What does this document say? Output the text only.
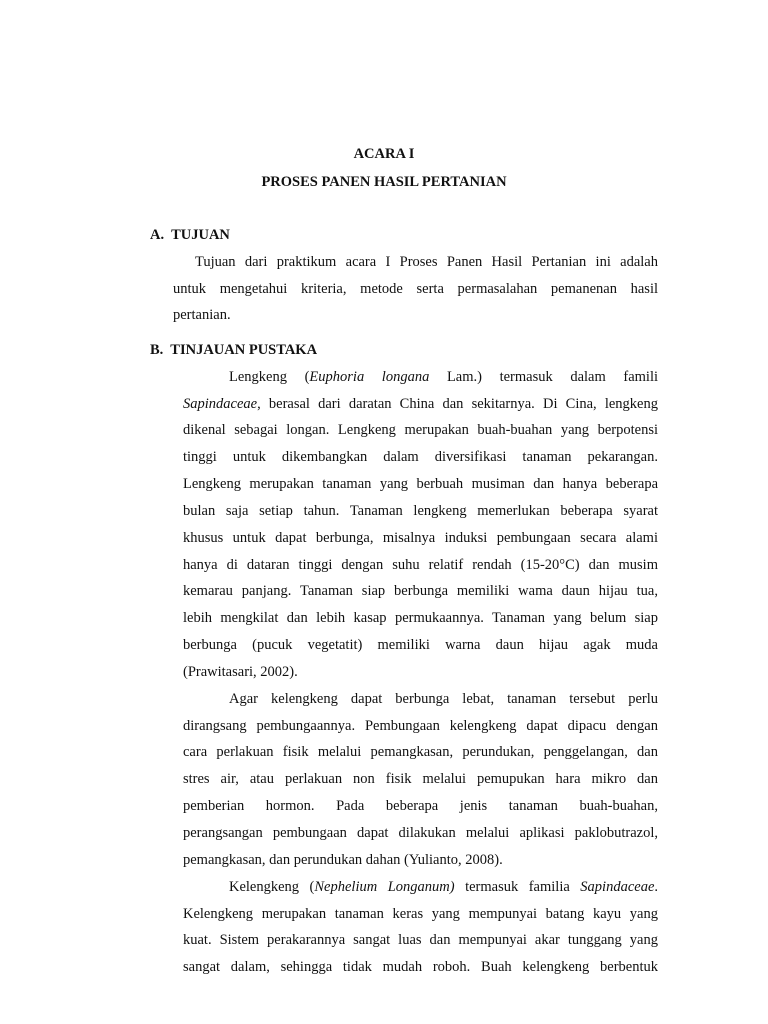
ACARA I
PROSES PANEN HASIL PERTANIAN
A.  TUJUAN
Tujuan dari praktikum acara I Proses Panen Hasil Pertanian ini adalah
untuk mengetahui kriteria, metode serta permasalahan pemanenan hasil
pertanian.
B.  TINJAUAN PUSTAKA
Lengkeng (Euphoria longana Lam.) termasuk dalam famili
Sapindaceae, berasal dari daratan China dan sekitarnya. Di Cina, lengkeng
dikenal sebagai longan. Lengkeng merupakan buah-buahan yang berpotensi
tinggi untuk dikembangkan dalam diversifikasi tanaman pekarangan.
Lengkeng merupakan tanaman yang berbuah musiman dan hanya beberapa
bulan saja setiap tahun. Tanaman lengkeng memerlukan beberapa syarat
khusus untuk dapat berbunga, misalnya induksi pembungaan secara alami
hanya di dataran tinggi dengan suhu relatif rendah (15-20°C) dan musim
kemarau panjang. Tanaman siap berbunga memiliki wama daun hijau tua,
lebih mengkilat dan lebih kasap permukaannya. Tanaman yang belum siap
berbunga (pucuk vegetatit) memiliki warna daun hijau agak muda
(Prawitasari, 2002).
Agar kelengkeng dapat berbunga lebat, tanaman tersebut perlu
dirangsang pembungaannya. Pembungaan kelengkeng dapat dipacu dengan
cara perlakuan fisik melalui pemangkasan, perundukan, penggelangan, dan
stres air, atau perlakuan non fisik melalui pemupukan hara mikro dan
pemberian hormon. Pada beberapa jenis tanaman buah-buahan,
perangsangan pembungaan dapat dilakukan melalui aplikasi paklobutrazol,
pemangkasan, dan perundukan dahan (Yulianto, 2008).
Kelengkeng (Nephelium Longanum) termasuk familia Sapindaceae.
Kelengkeng merupakan tanaman keras yang mempunyai batang kayu yang
kuat. Sistem perakarannya sangat luas dan mempunyai akar tunggang yang
sangat dalam, sehingga tidak mudah roboh. Buah kelengkeng berbentuk
